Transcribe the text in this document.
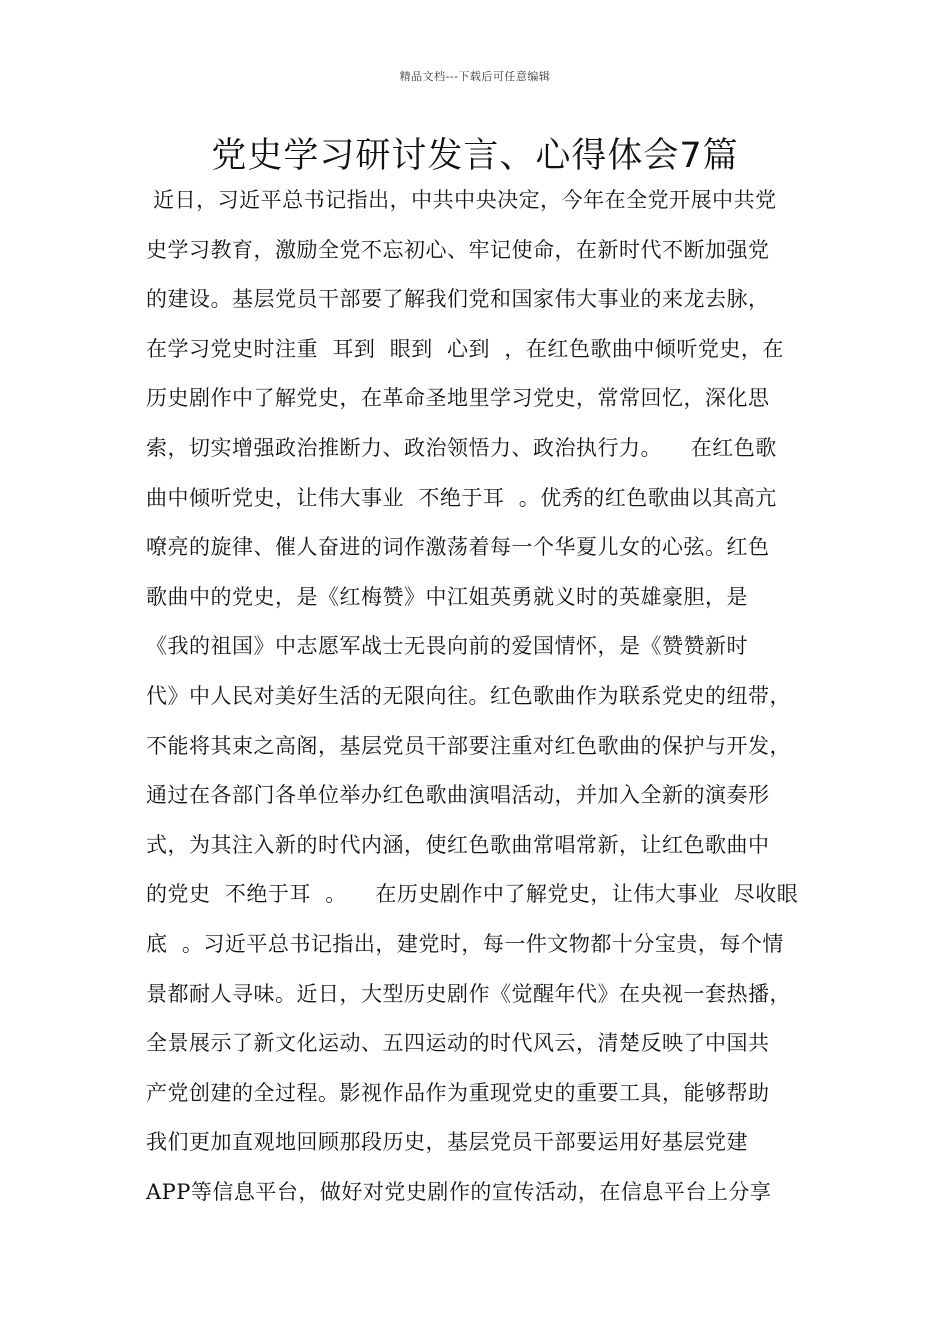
精品文档---下载后可任意编辑
党史学习研讨发言、心得体会7篇
近日，习近平总书记指出，中共中央决定，今年在全党开展中共党
史学习教育，激励全党不忘初心、牢记使命，在新时代不断加强党
的建设。基层党员干部要了解我们党和国家伟大事业的来龙去脉，
在学习党史时注重  耳到  眼到  心到  ，在红色歌曲中倾听党史，在
历史剧作中了解党史，在革命圣地里学习党史，常常回忆，深化思
索，切实增强政治推断力、政治领悟力、政治执行力。    在红色歌
曲中倾听党史，让伟大事业  不绝于耳  。优秀的红色歌曲以其高亢
嘹亮的旋律、催人奋进的词作激荡着每一个华夏儿女的心弦。红色
歌曲中的党史，是《红梅赞》中江姐英勇就义时的英雄豪胆，是
《我的祖国》中志愿军战士无畏向前的爱国情怀，是《赞赞新时
代》中人民对美好生活的无限向往。红色歌曲作为联系党史的纽带，
不能将其束之高阁，基层党员干部要注重对红色歌曲的保护与开发，
通过在各部门各单位举办红色歌曲演唱活动，并加入全新的演奏形
式，为其注入新的时代内涵，使红色歌曲常唱常新，让红色歌曲中
的党史  不绝于耳  。    在历史剧作中了解党史，让伟大事业  尽收眼
底  。习近平总书记指出，建党时，每一件文物都十分宝贵，每个情
景都耐人寻味。近日，大型历史剧作《觉醒年代》在央视一套热播，
全景展示了新文化运动、五四运动的时代风云，清楚反映了中国共
产党创建的全过程。影视作品作为重现党史的重要工具，能够帮助
我们更加直观地回顾那段历史，基层党员干部要运用好基层党建
APP等信息平台，做好对党史剧作的宣传活动，在信息平台上分享
